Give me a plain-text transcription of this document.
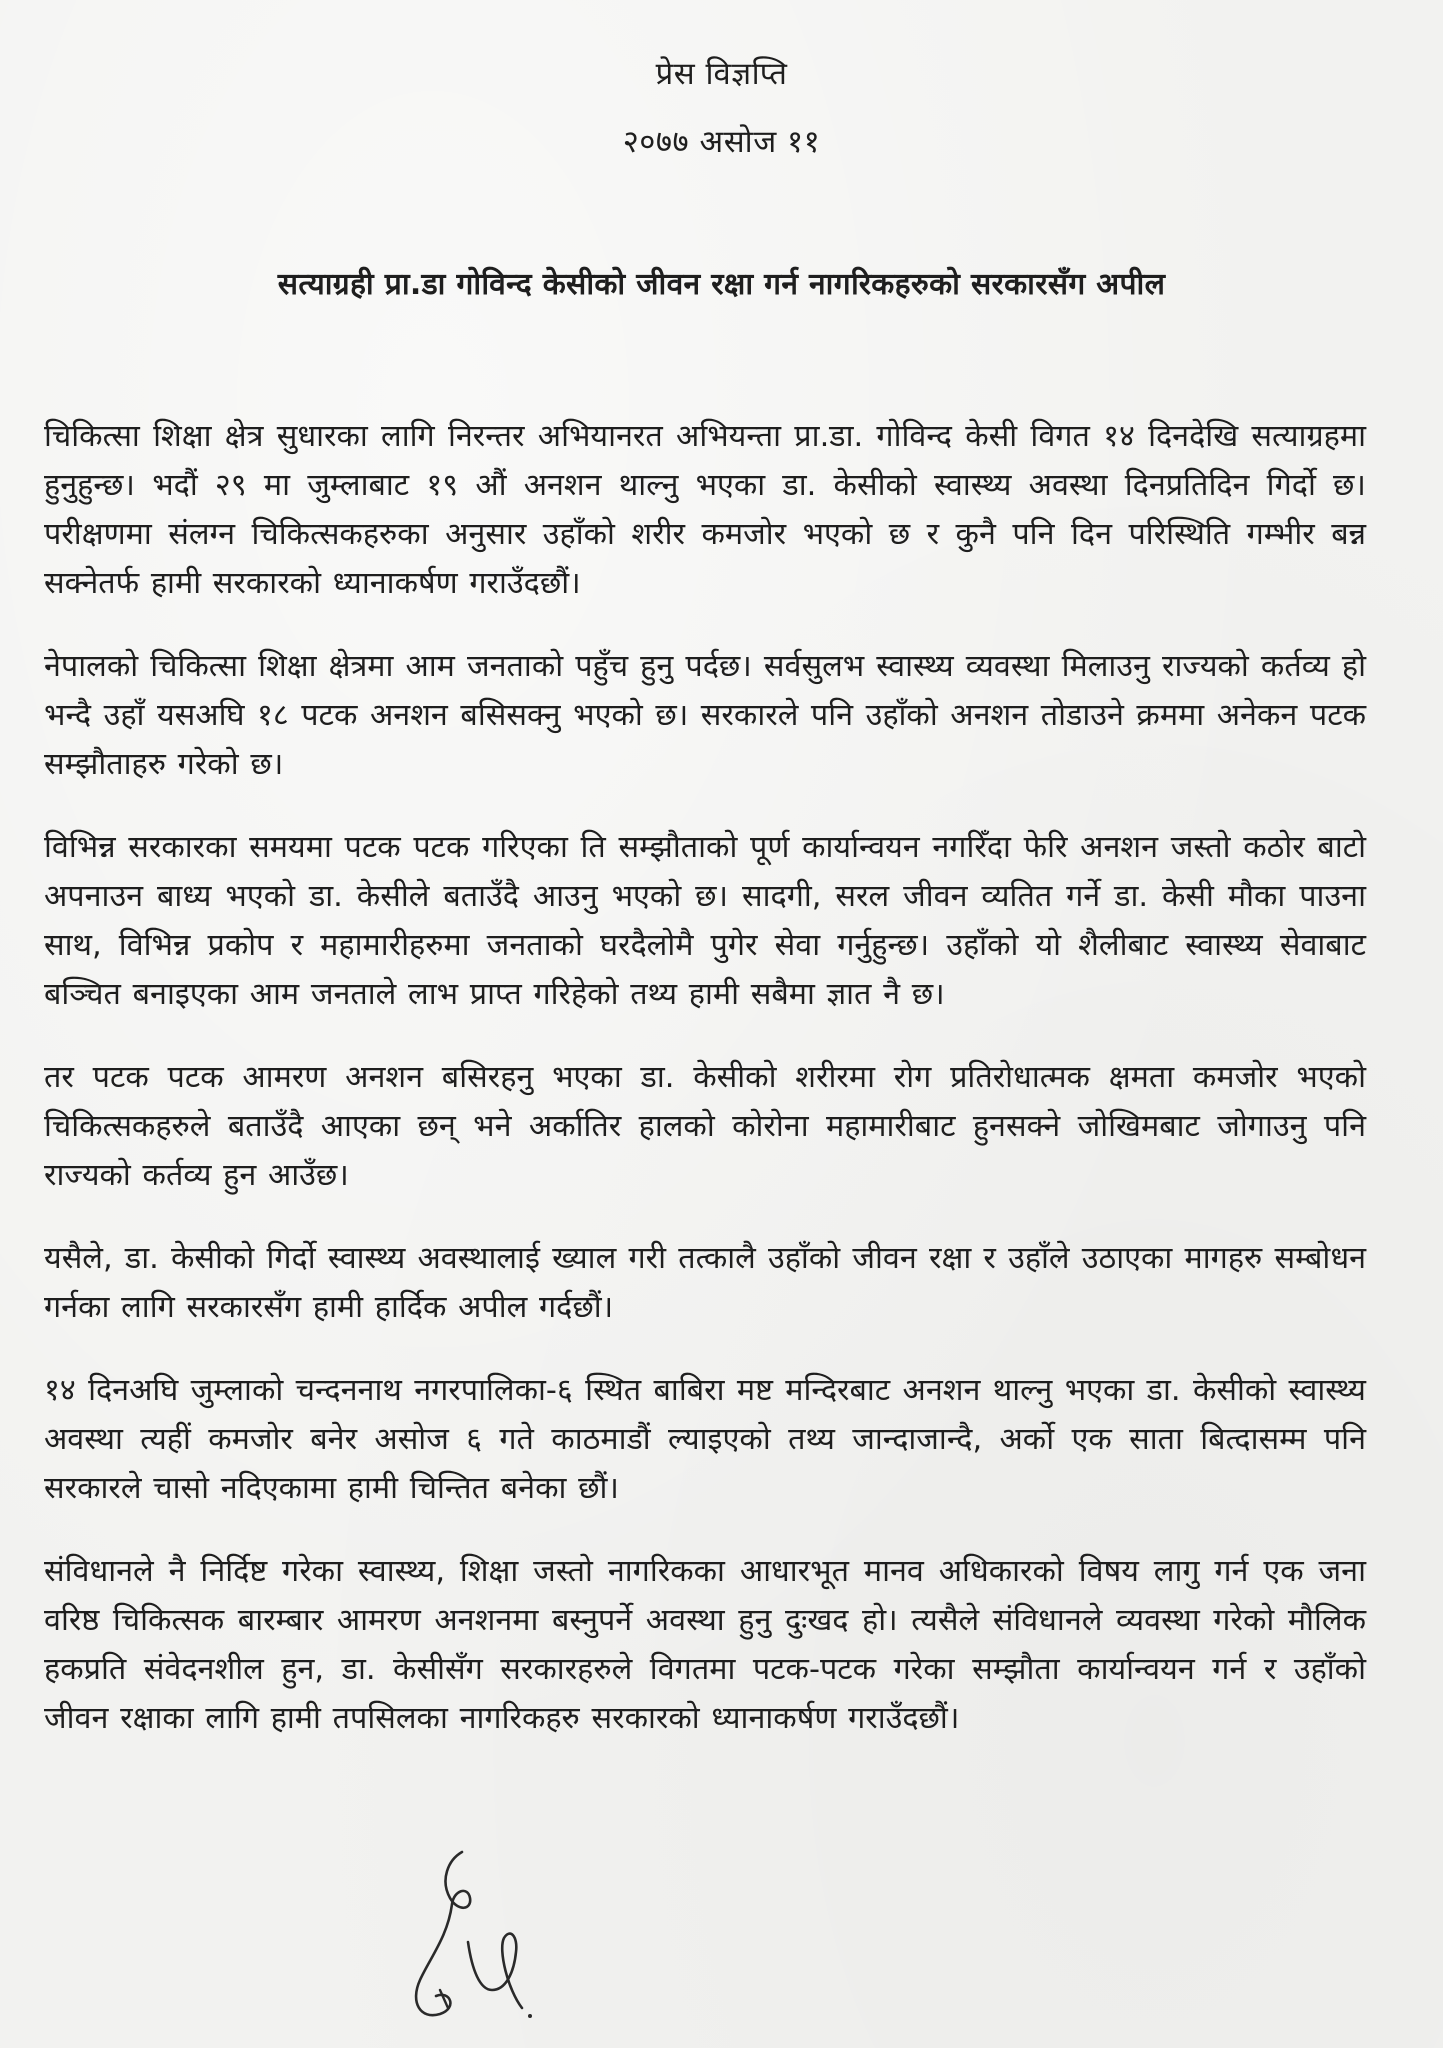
प्रेस विज्ञप्ति
२०७७ असोज ११
सत्याग्रही प्रा.डा गोविन्द केसीको जीवन रक्षा गर्न नागरिकहरुको सरकारसँग अपील

चिकित्सा शिक्षा क्षेत्र सुधारका लागि निरन्तर अभियानरत अभियन्ता प्रा.डा. गोविन्द केसी विगत १४ दिनदेखि सत्याग्रहमा हुनुहुन्छ। भदौं २९ मा जुम्लाबाट १९ औं अनशन थाल्नु भएका डा. केसीको स्वास्थ्य अवस्था दिनप्रतिदिन गिर्दो छ। परीक्षणमा संलग्न चिकित्सकहरुका अनुसार उहाँको शरीर कमजोर भएको छ र कुनै पनि दिन परिस्थिति गम्भीर बन्न सक्नेतर्फ हामी सरकारको ध्यानाकर्षण गराउँदछौं।

नेपालको चिकित्सा शिक्षा क्षेत्रमा आम जनताको पहुँच हुनु पर्दछ। सर्वसुलभ स्वास्थ्य व्यवस्था मिलाउनु राज्यको कर्तव्य हो भन्दै उहाँ यसअघि १८ पटक अनशन बसिसक्नु भएको छ। सरकारले पनि उहाँको अनशन तोडाउने क्रममा अनेकन पटक सम्झौताहरु गरेको छ।

विभिन्न सरकारका समयमा पटक पटक गरिएका ति सम्झौताको पूर्ण कार्यान्वयन नगरिँदा फेरि अनशन जस्तो कठोर बाटो अपनाउन बाध्य भएको डा. केसीले बताउँदै आउनु भएको छ। सादगी, सरल जीवन व्यतित गर्ने डा. केसी मौका पाउना साथ, विभिन्न प्रकोप र महामारीहरुमा जनताको घरदैलोमै पुगेर सेवा गर्नुहुन्छ। उहाँको यो शैलीबाट स्वास्थ्य सेवाबाट बञ्चित बनाइएका आम जनताले लाभ प्राप्त गरिहेको तथ्य हामी सबैमा ज्ञात नै छ।

तर पटक पटक आमरण अनशन बसिरहनु भएका डा. केसीको शरीरमा रोग प्रतिरोधात्मक क्षमता कमजोर भएको चिकित्सकहरुले बताउँदै आएका छन् भने अर्कातिर हालको कोरोना महामारीबाट हुनसक्ने जोखिमबाट जोगाउनु पनि राज्यको कर्तव्य हुन आउँछ।

यसैले, डा. केसीको गिर्दो स्वास्थ्य अवस्थालाई ख्याल गरी तत्कालै उहाँको जीवन रक्षा र उहाँले उठाएका मागहरु सम्बोधन गर्नका लागि सरकारसँग हामी हार्दिक अपील गर्दछौं।

१४ दिनअघि जुम्लाको चन्दननाथ नगरपालिका-६ स्थित बाबिरा मष्ट मन्दिरबाट अनशन थाल्नु भएका डा. केसीको स्वास्थ्य अवस्था त्यहीं कमजोर बनेर असोज ६ गते काठमाडौं ल्याइएको तथ्य जान्दाजान्दै, अर्को एक साता बित्दासम्म पनि सरकारले चासो नदिएकामा हामी चिन्तित बनेका छौं।

संविधानले नै निर्दिष्ट गरेका स्वास्थ्य, शिक्षा जस्तो नागरिकका आधारभूत मानव अधिकारको विषय लागु गर्न एक जना वरिष्ठ चिकित्सक बारम्बार आमरण अनशनमा बस्नुपर्ने अवस्था हुनु दुःखद हो। त्यसैले संविधानले व्यवस्था गरेको मौलिक हकप्रति संवेदनशील हुन, डा. केसीसँग सरकारहरुले विगतमा पटक-पटक गरेका सम्झौता कार्यान्वयन गर्न र उहाँको जीवन रक्षाका लागि हामी तपसिलका नागरिकहरु सरकारको ध्यानाकर्षण गराउँदछौं।
